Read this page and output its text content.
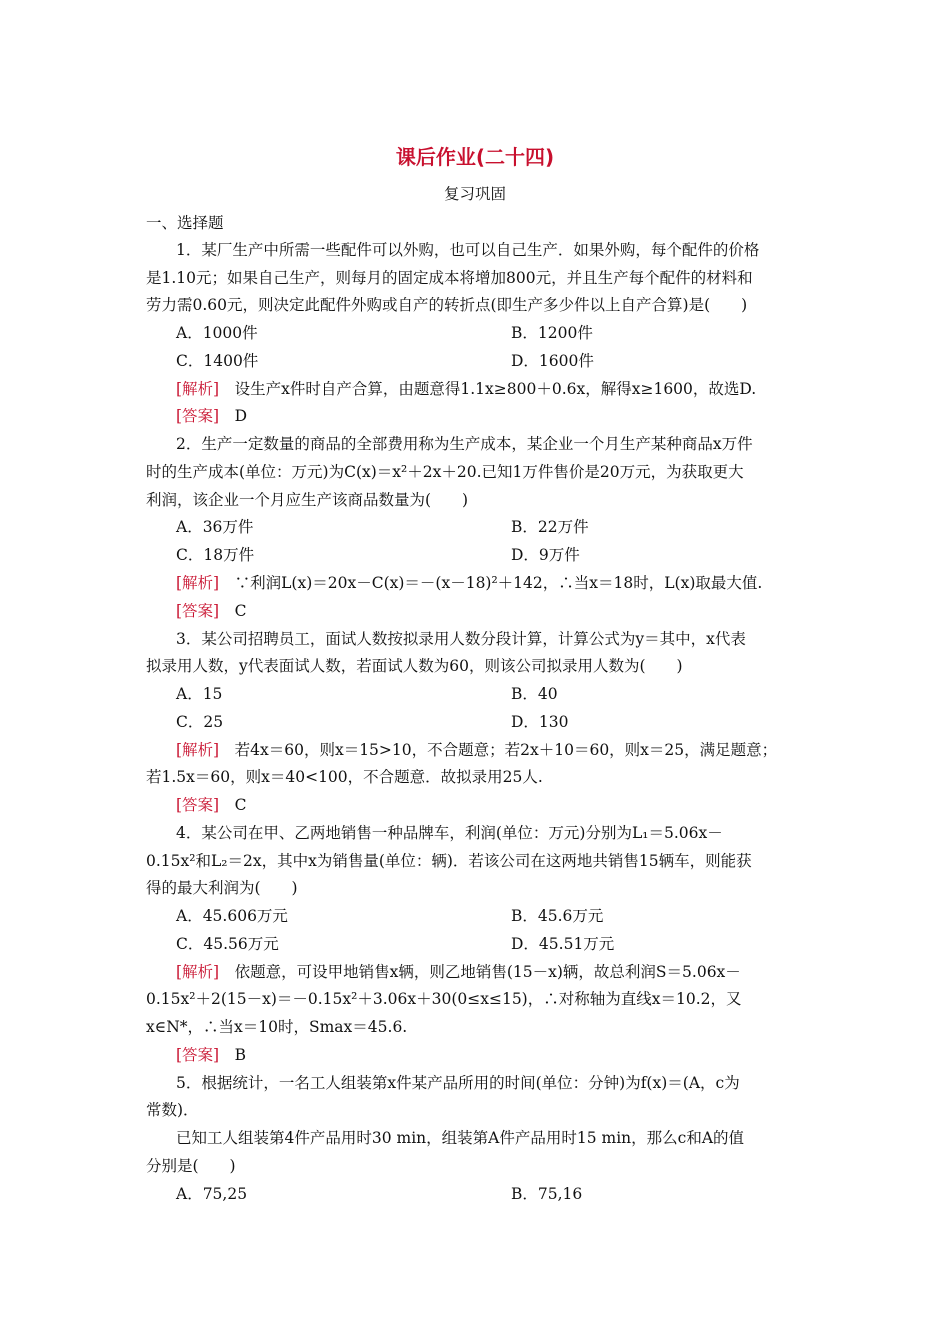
课后作业(二十四)
复习巩固
一、选择题
1．某厂生产中所需一些配件可以外购，也可以自己生产．如果外购，每个配件的价格
是1.10元；如果自己生产，则每月的固定成本将增加800元，并且生产每个配件的材料和
劳力需0.60元，则决定此配件外购或自产的转折点(即生产多少件以上自产合算)是(　　)
A．1000件	B．1200件
C．1400件	D．1600件
[解析]　 设生产x件时自产合算，由题意得1.1x≥800＋0.6x，解得x≥1600，故选D.
[答案]　 D
2．生产一定数量的商品的全部费用称为生产成本，某企业一个月生产某种商品x万件
时的生产成本(单位：万元)为C(x)＝x²＋2x＋20.已知1万件售价是20万元，为获取更大
利润，该企业一个月应生产该商品数量为(　　)
A．36万件	B．22万件
C．18万件	D．9万件
[解析]　 ∵利润L(x)＝20x－C(x)＝－(x－18)²＋142，∴当x＝18时，L(x)取最大值.
[答案]　 C
3．某公司招聘员工，面试人数按拟录用人数分段计算，计算公式为y＝其中，x代表
拟录用人数，y代表面试人数，若面试人数为60，则该公司拟录用人数为(　　)
A．15	B．40
C．25	D．130
[解析]　 若4x＝60，则x＝15>10，不合题意；若2x＋10＝60，则x＝25，满足题意；
若1.5x＝60，则x＝40<100，不合题意．故拟录用25人.
[答案]　 C
4．某公司在甲、乙两地销售一种品牌车，利润(单位：万元)分别为L₁＝5.06x－
0.15x²和L₂＝2x，其中x为销售量(单位：辆)．若该公司在这两地共销售15辆车，则能获
得的最大利润为(　　)
A．45.606万元	B．45.6万元
C．45.56万元	D．45.51万元
[解析]　 依题意，可设甲地销售x辆，则乙地销售(15－x)辆，故总利润S＝5.06x－
0.15x²＋2(15－x)＝－0.15x²＋3.06x＋30(0≤x≤15)，∴对称轴为直线x＝10.2，又
x∈N*，∴当x＝10时，Smax＝45.6.
[答案]　 B
5．根据统计，一名工人组装第x件某产品所用的时间(单位：分钟)为f(x)＝(A，c为
常数)．
已知工人组装第4件产品用时30 min，组装第A件产品用时15 min，那么c和A的值
分别是(　　)
A．75,25	B．75,16
